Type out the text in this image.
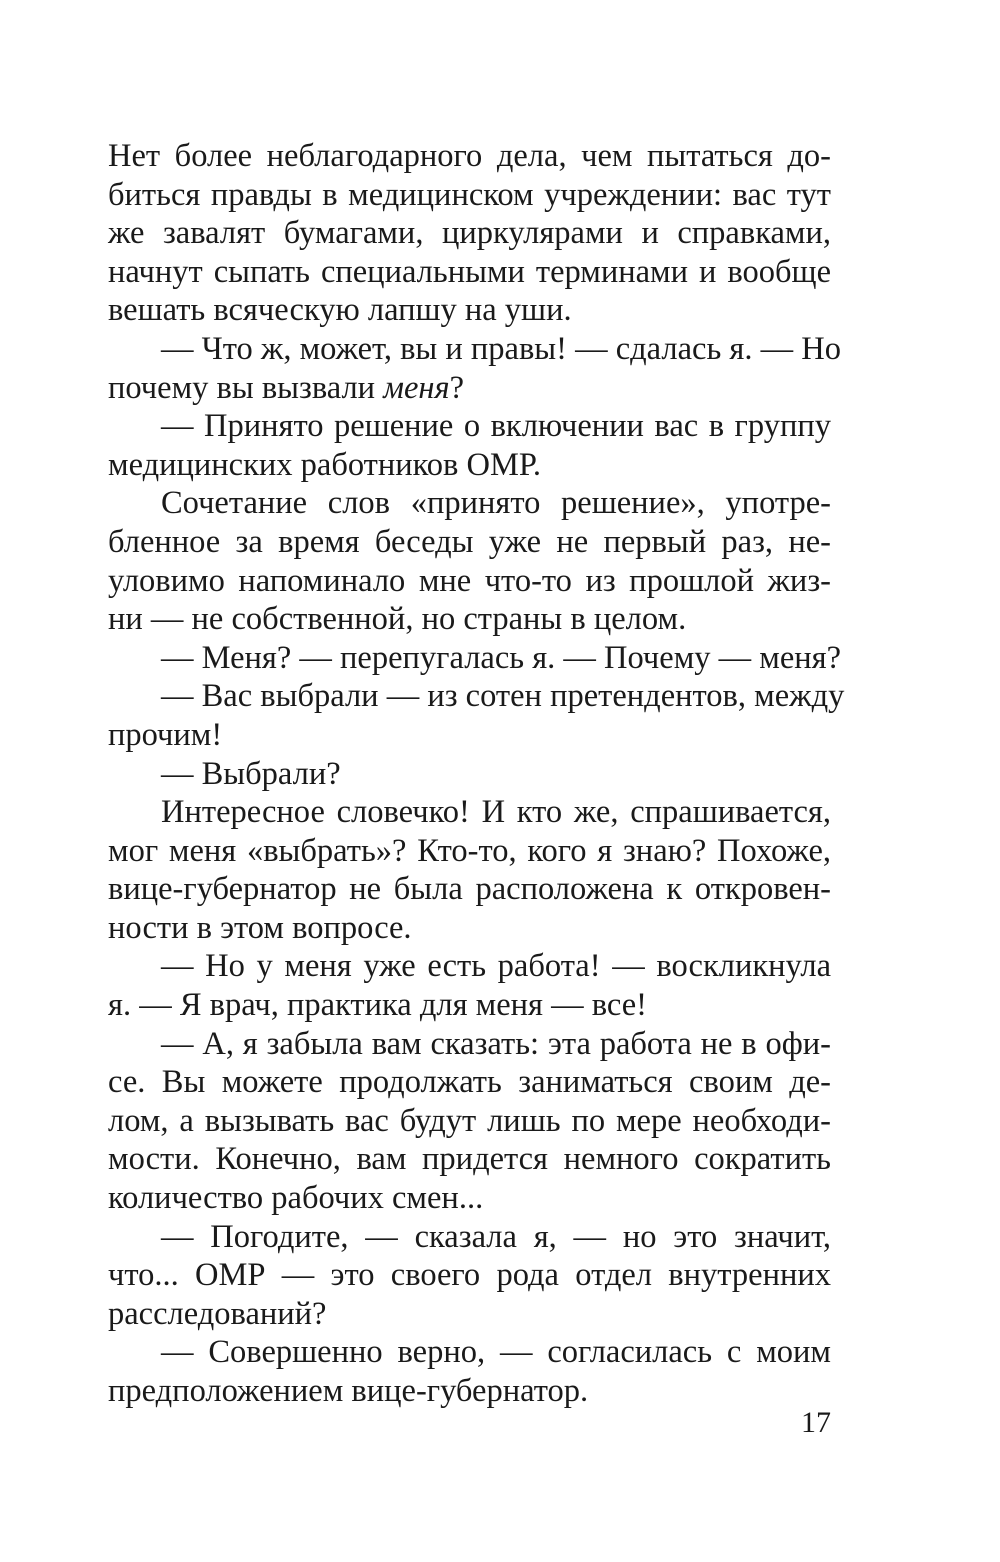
Нет более неблагодарного дела, чем пытаться до-
биться правды в медицинском учреждении: вас тут
же завалят бумагами, циркулярами и справками,
начнут сыпать специальными терминами и вообще
вешать всяческую лапшу на уши.
— Что ж, может, вы и правы! — сдалась я. — Но
почему вы вызвали меня?
— Принято решение о включении вас в группу
медицинских работников ОМР.
Сочетание слов «принято решение», употре-
бленное за время беседы уже не первый раз, не-
уловимо напоминало мне что-то из прошлой жиз-
ни — не собственной, но страны в целом.
— Меня? — перепугалась я. — Почему — меня?
— Вас выбрали — из сотен претендентов, между
прочим!
— Выбрали?
Интересное словечко! И кто же, спрашивается,
мог меня «выбрать»? Кто-то, кого я знаю? Похоже,
вице-губернатор не была расположена к откровен-
ности в этом вопросе.
— Но у меня уже есть работа! — воскликнула
я. — Я врач, практика для меня — все!
— А, я забыла вам сказать: эта работа не в офи-
се. Вы можете продолжать заниматься своим де-
лом, а вызывать вас будут лишь по мере необходи-
мости. Конечно, вам придется немного сократить
количество рабочих смен...
— Погодите, — сказала я, — но это значит,
что... ОМР — это своего рода отдел внутренних
расследований?
— Совершенно верно, — согласилась с моим
предположением вице-губернатор.
17
